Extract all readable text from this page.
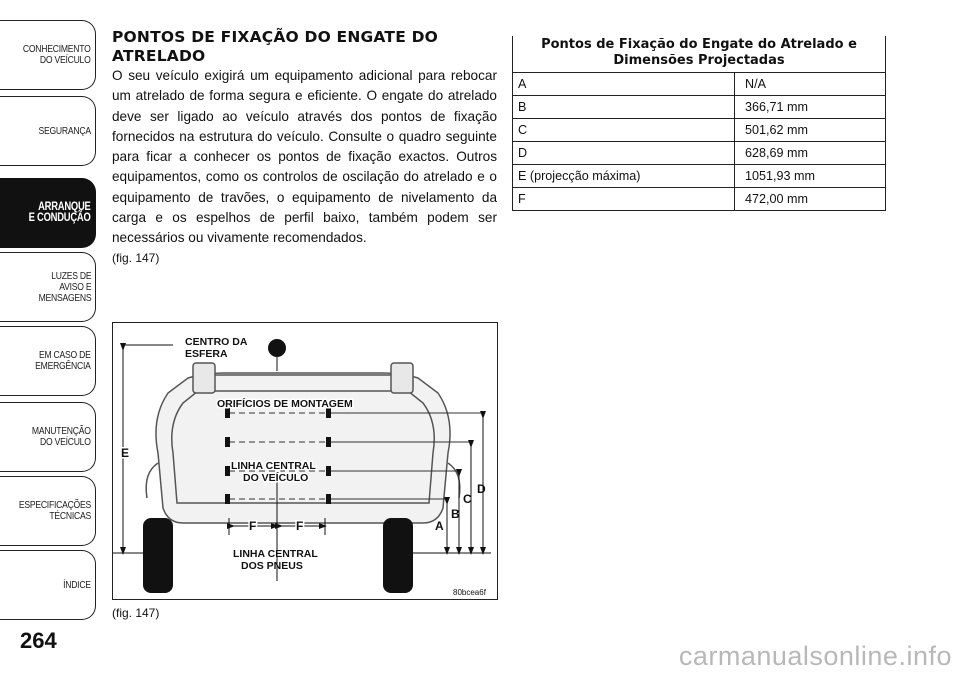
CONHECIMENTO
DO VEÍCULO
SEGURANÇA
ARRANQUE
E CONDUÇÃO
LUZES DE
AVISO E
MENSAGENS
EM CASO DE
EMERGÊNCIA
MANUTENÇÃO
DO VEÍCULO
ESPECIFICAÇÕES
TÉCNICAS
ÍNDICE
264

PONTOS DE FIXAÇÃO DO ENGATE DO ATRELADO

O seu veículo exigirá um equipamento adicional para rebocar um atrelado de forma segura e eficiente. O engate do atrelado deve ser ligado ao veículo através dos pontos de fixação fornecidos na estrutura do veículo. Consulte o quadro seguinte para ficar a conhecer os pontos de fixação exactos. Outros equipamentos, como os controlos de oscilação do atrelado e o equipamento de travões, o equipamento de nivelamento da carga e os espelhos de perfil baixo, também podem ser necessários ou vivamente recomendados.

(fig. 147)
CENTRO DA ESFERA
ORIFÍCIOS DE MONTAGEM
LINHA CENTRAL DO VEÍCULO
LINHA CENTRAL DOS PNEUS
E
F	F	A
B
C
D
80bcea6f
(fig. 147)
Pontos de Fixação do Engate do Atrelado e Dimensões Projectadas	
A	N/A
B	366,71 mm
C	501,62 mm
D	628,69 mm
E (projecção máxima)	1051,93 mm
F	472,00 mm
carmanualsonline.info
